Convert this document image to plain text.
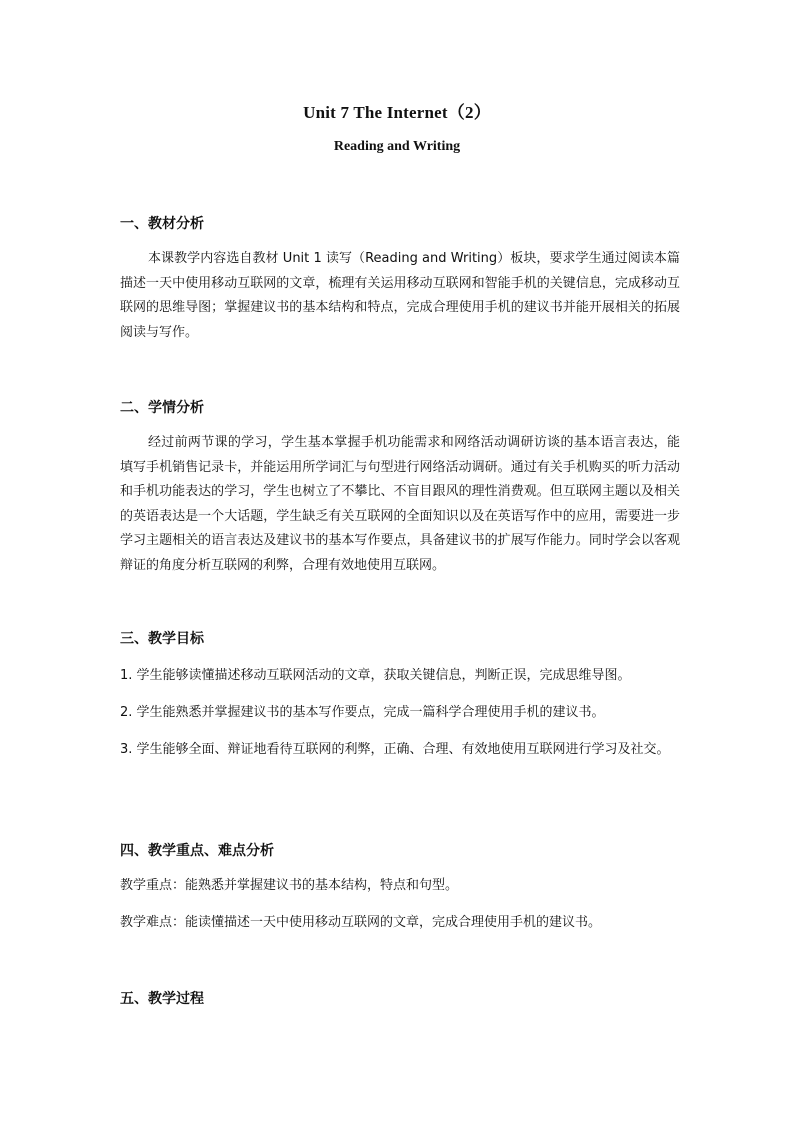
Unit 7 The Internet（2）
Reading and Writing
一、教材分析
本课教学内容选自教材 Unit 1 读写（Reading and Writing）板块，要求学生通过阅读本篇描述一天中使用移动互联网的文章，梳理有关运用移动互联网和智能手机的关键信息，完成移动互联网的思维导图；掌握建议书的基本结构和特点，完成合理使用手机的建议书并能开展相关的拓展阅读与写作。
二、学情分析
经过前两节课的学习，学生基本掌握手机功能需求和网络活动调研访谈的基本语言表达，能填写手机销售记录卡，并能运用所学词汇与句型进行网络活动调研。通过有关手机购买的听力活动和手机功能表达的学习，学生也树立了不攀比、不盲目跟风的理性消费观。但互联网主题以及相关的英语表达是一个大话题，学生缺乏有关互联网的全面知识以及在英语写作中的应用，需要进一步学习主题相关的语言表达及建议书的基本写作要点，具备建议书的扩展写作能力。同时学会以客观辩证的角度分析互联网的利弊，合理有效地使用互联网。
三、教学目标
1. 学生能够读懂描述移动互联网活动的文章，获取关键信息，判断正误，完成思维导图。
2. 学生能熟悉并掌握建议书的基本写作要点，完成一篇科学合理使用手机的建议书。
3. 学生能够全面、辩证地看待互联网的利弊，正确、合理、有效地使用互联网进行学习及社交。
四、教学重点、难点分析
教学重点：能熟悉并掌握建议书的基本结构，特点和句型。
教学难点：能读懂描述一天中使用移动互联网的文章，完成合理使用手机的建议书。
五、教学过程
